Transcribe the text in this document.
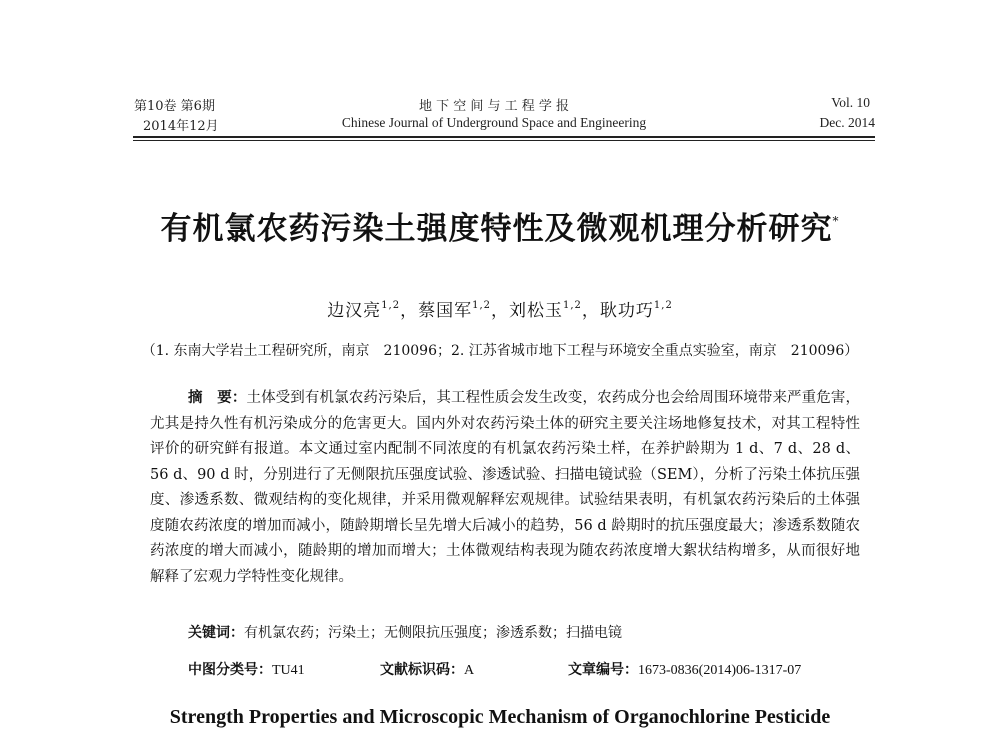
第10卷 第6期
2014年12月
地 下 空 间 与 工 程 学 报
Chinese Journal of Underground Space and Engineering
Vol. 10
Dec. 2014
有机氯农药污染土强度特性及微观机理分析研究*
边汉亮$^{1,2}$，蔡国军$^{1,2}$，刘松玉$^{1,2}$，耿功巧$^{1,2}$
（1. 东南大学岩土工程研究所，南京　210096；2. 江苏省城市地下工程与环境安全重点实验室，南京　210096）
摘　要：土体受到有机氯农药污染后，其工程性质会发生改变，农药成分也会给周围环境带来严重危害，尤其是持久性有机污染成分的危害更大。国内外对农药污染土体的研究主要关注场地修复技术，对其工程特性评价的研究鲜有报道。本文通过室内配制不同浓度的有机氯农药污染土样，在养护龄期为 1 d、7 d、28 d、56 d、90 d 时，分别进行了无侧限抗压强度试验、渗透试验、扫描电镜试验（SEM），分析了污染土体抗压强度、渗透系数、微观结构的变化规律，并采用微观解释宏观规律。试验结果表明，有机氯农药污染后的土体强度随农药浓度的增加而减小，随龄期增长呈先增大后减小的趋势，56 d 龄期时的抗压强度最大；渗透系数随农药浓度的增大而减小，随龄期的增加而增大；土体微观结构表现为随农药浓度增大絮状结构增多，从而很好地解释了宏观力学特性变化规律。
关键词：有机氯农药；污染土；无侧限抗压强度；渗透系数；扫描电镜
中图分类号：TU41	文献标识码：A	文章编号：1673-0836(2014)06-1317-07
Strength Properties and Microscopic Mechanism of Organochlorine Pesticide
